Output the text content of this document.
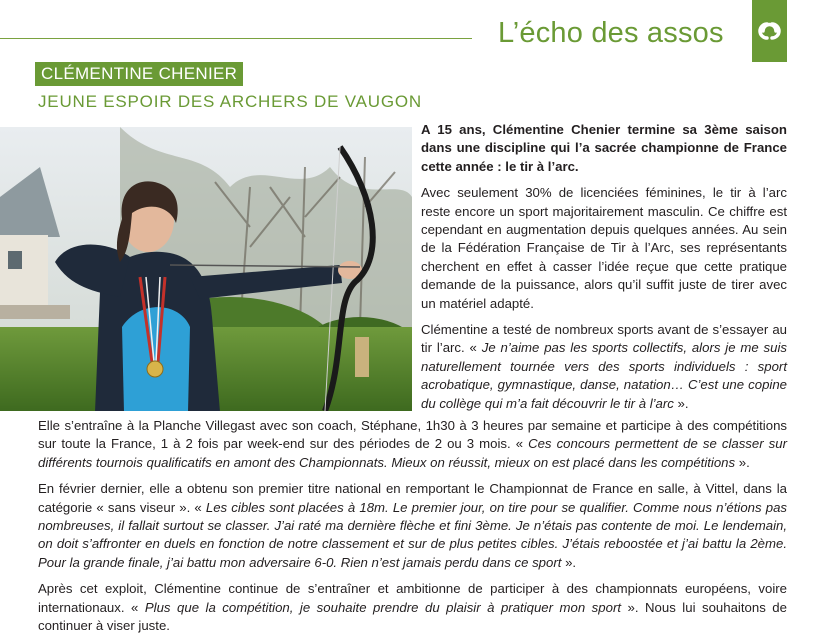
L’écho des assos
CLÉMENTINE CHENIER
JEUNE ESPOIR DES ARCHERS DE VAUGON

A 15 ans, Clémentine Chenier termine sa 3ème saison dans une discipline qui l’a sacrée championne de France cette année : le tir à l’arc.

Avec seulement 30% de licenciées féminines, le tir à l’arc reste encore un sport majoritairement masculin. Ce chiffre est cependant en augmentation depuis quelques années. Au sein de la Fédération Française de Tir à l’Arc, ses représentants cherchent en effet à casser l’idée reçue que cette pratique demande de la puissance, alors qu’il suffit juste de tirer avec un matériel adapté.

Clémentine a testé de nombreux sports avant de s’essayer au tir l’arc. « Je n’aime pas les sports collectifs, alors je me suis naturellement tournée vers des sports individuels : sport acrobatique, gymnastique, danse, natation… C’est une copine du collège qui m’a fait découvrir le tir à l’arc ».

Elle s’entraîne à la Planche Villegast avec son coach, Stéphane, 1h30 à 3 heures par semaine et participe à des compétitions sur toute la France, 1 à 2 fois par week-end sur des périodes de 2 ou 3 mois. « Ces concours permettent de se classer sur différents tournois qualificatifs en amont des Championnats. Mieux on réussit, mieux on est placé dans les compétitions ».

En février dernier, elle a obtenu son premier titre national en remportant le Championnat de France en salle, à Vittel, dans la catégorie « sans viseur ». « Les cibles sont placées à 18m. Le premier jour, on tire pour se qualifier. Comme nous n’étions pas nombreuses, il fallait surtout se classer. J’ai raté ma dernière flèche et fini 3ème. Je n’étais pas contente de moi. Le lendemain, on doit s’affronter en duels en fonction de notre classement et sur de plus petites cibles. J’étais reboostée et j’ai battu la 2ème. Pour la grande finale, j’ai battu mon adversaire 6-0. Rien n’est jamais perdu dans ce sport ».

Après cet exploit, Clémentine continue de s’entraîner et ambitionne de participer à des championnats européens, voire internationaux. « Plus que la compétition, je souhaite prendre du plaisir à pratiquer mon sport ». Nous lui souhaitons de continuer à viser juste.
